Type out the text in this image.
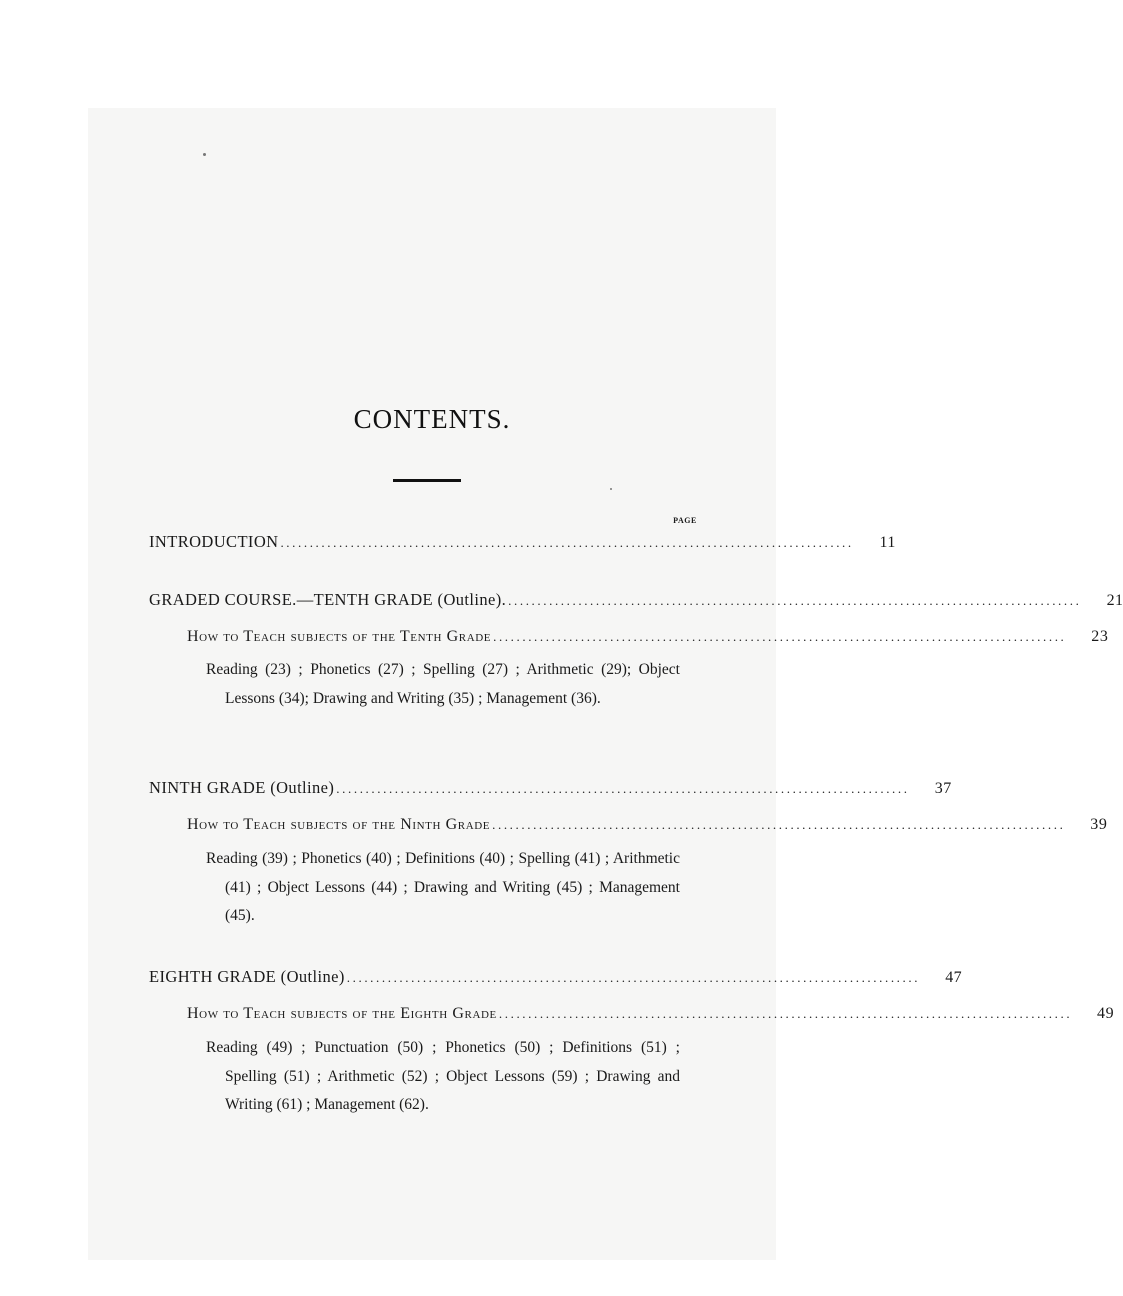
CONTENTS.
PAGE
INTRODUCTION ..................................................................................................	11
GRADED COURSE.—TENTH GRADE (Outline). ..................................................................................................	21
How to Teach subjects of the Tenth Grade ..................................................................................................	23
Reading (23) ; Phonetics (27) ; Spelling (27) ; Arithmetic (29); Object Lessons (34); Drawing and Writing (35) ; Management (36).
NINTH GRADE (Outline) ..................................................................................................	37
How to Teach subjects of the Ninth Grade ..................................................................................................	39
Reading (39) ; Phonetics (40) ; Definitions (40) ; Spelling (41) ; Arithmetic (41) ; Object Lessons (44) ; Drawing and Writing (45) ; Management (45).
EIGHTH GRADE (Outline) ..................................................................................................	47
How to Teach subjects of the Eighth Grade ..................................................................................................	49
Reading (49) ; Punctuation (50) ; Phonetics (50) ; Definitions (51) ; Spelling (51) ; Arithmetic (52) ; Object Lessons (59) ; Drawing and Writing (61) ; Management (62).
